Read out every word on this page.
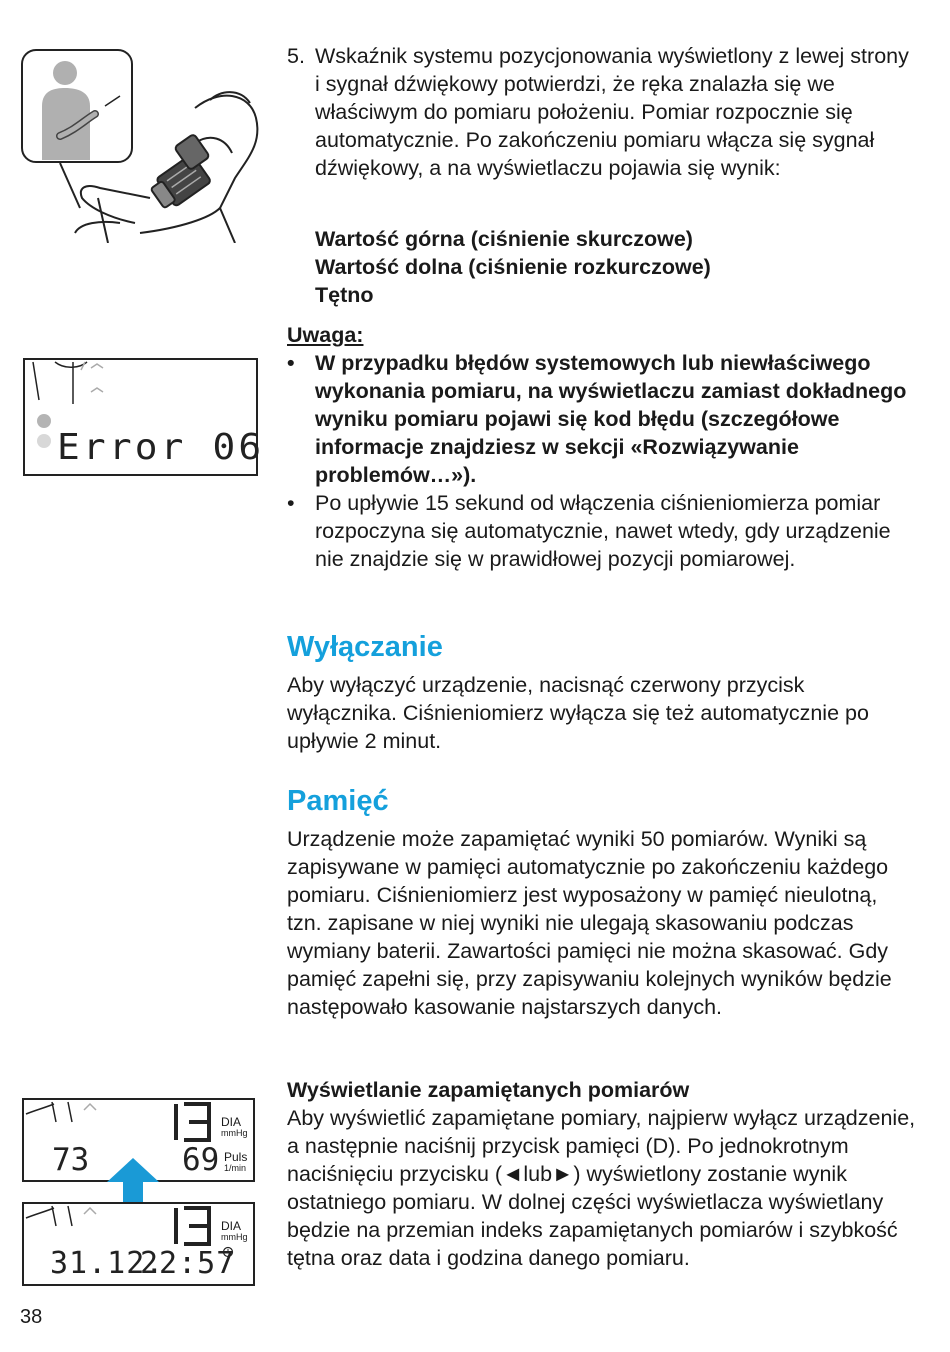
5. Wskaźnik systemu pozycjonowania wyświetlony z lewej strony i sygnał dźwiękowy potwierdzi, że ręka znalazła się we właściwym do pomiaru położeniu. Pomiar rozpocznie się automatycznie. Po zakończeniu pomiaru włącza się sygnał dźwiękowy, a na wyświetlaczu pojawia się wynik:
Wartość górna (ciśnienie skurczowe)
Wartość dolna (ciśnienie rozkurczowe)
Tętno
Error 06
Uwaga:
• W przypadku błędów systemowych lub niewłaściwego wykonania pomiaru, na wyświetlaczu zamiast dokładnego wyniku pomiaru pojawi się kod błędu (szczegółowe informacje znajdziesz w sekcji «Rozwiązywanie problemów…»).
• Po upływie 15 sekund od włączenia ciśnieniomierza pomiar rozpoczyna się automatycznie, nawet wtedy, gdy urządzenie nie znajdzie się w prawidłowej pozycji pomiarowej.
Wyłączanie
Aby wyłączyć urządzenie, nacisnąć czerwony przycisk wyłącznika. Ciśnieniomierz wyłącza się też automatycznie po upływie 2 minut.
Pamięć
Urządzenie może zapamiętać wyniki 50 pomiarów. Wyniki są zapisywane w pamięci automatycznie po zakończeniu każdego pomiaru. Ciśnieniomierz jest wyposażony w pamięć nieulotną, tzn. zapisane w niej wyniki nie ulegają skasowaniu podczas wymiany baterii. Zawartości pamięci nie można skasować. Gdy pamięć zapełni się, przy zapisywaniu kolejnych wyników będzie następowało kasowanie najstarszych danych.
Wyświetlanie zapamiętanych pomiarów
Aby wyświetlić zapamiętane pomiary, najpierw wyłącz urządzenie, a następnie naciśnij przycisk pamięci (D). Po jednokrotnym naciśnięciu przycisku (◄lub►) wyświetlony zostanie wynik ostatniego pomiaru. W dolnej części wyświetlacza wyświetlany będzie na przemian indeks zapamiętanych pomiarów i szybkość tętna oraz data i godzina danego pomiaru.
DIA
mmHg
73	69 Puls
1/min
DIA
mmHg
31.12.
22:57
38
